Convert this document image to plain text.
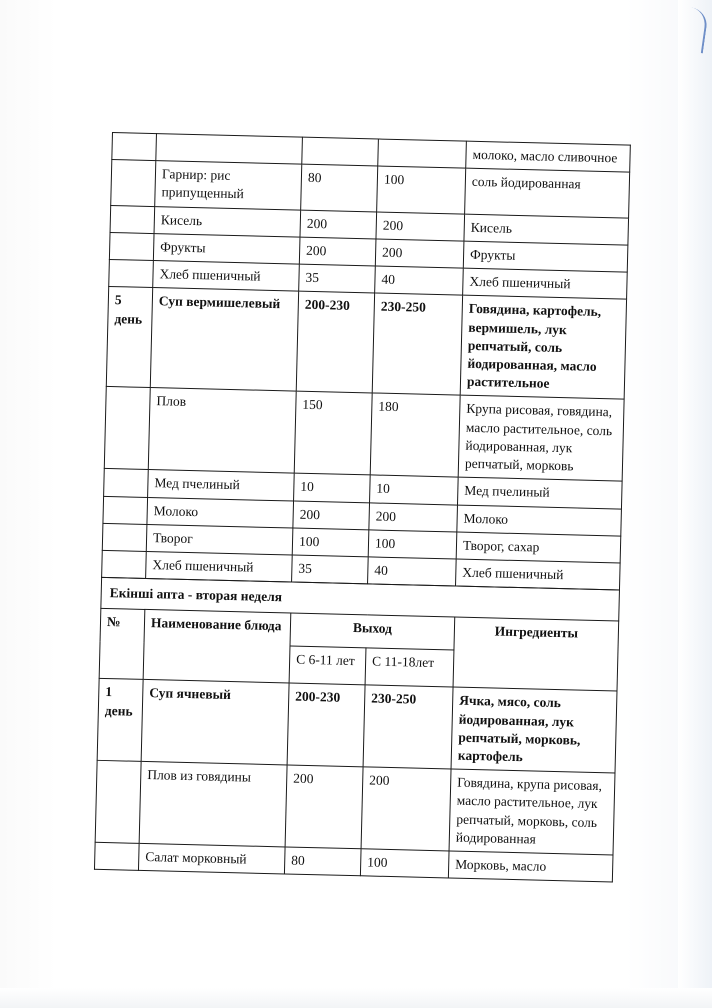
				молоко, масло сливочное
	Гарнир: рис припущенный	80	100	соль йодированная
	Кисель	200	200	Кисель
	Фрукты	200	200	Фрукты
	Хлеб пшеничный	35	40	Хлеб пшеничный
5 день	Суп вермишелевый	200-230	230-250	Говядина, картофель, вермишель, лук репчатый, соль йодированная, масло растительное
	Плов	150	180	Крупа рисовая, говядина, масло растительное, соль йодированная, лук репчатый, морковь
	Мед пчелиный	10	10	Мед пчелиный
	Молоко	200	200	Молоко
	Творог	100	100	Творог, сахар
	Хлеб пшеничный	35	40	Хлеб пшеничный
Екінші апта - вторая неделя				
№	Наименование блюда	Выход		Ингредиенты
		С 6-11 лет	С 11-18лет	
1 день	Суп ячневый	200-230	230-250	Ячка, мясо, соль йодированная, лук репчатый, морковь, картофель
	Плов из говядины	200	200	Говядина, крупа рисовая, масло растительное, лук репчатый, морковь, соль йодированная
	Салат морковный	80	100	Морковь, масло
